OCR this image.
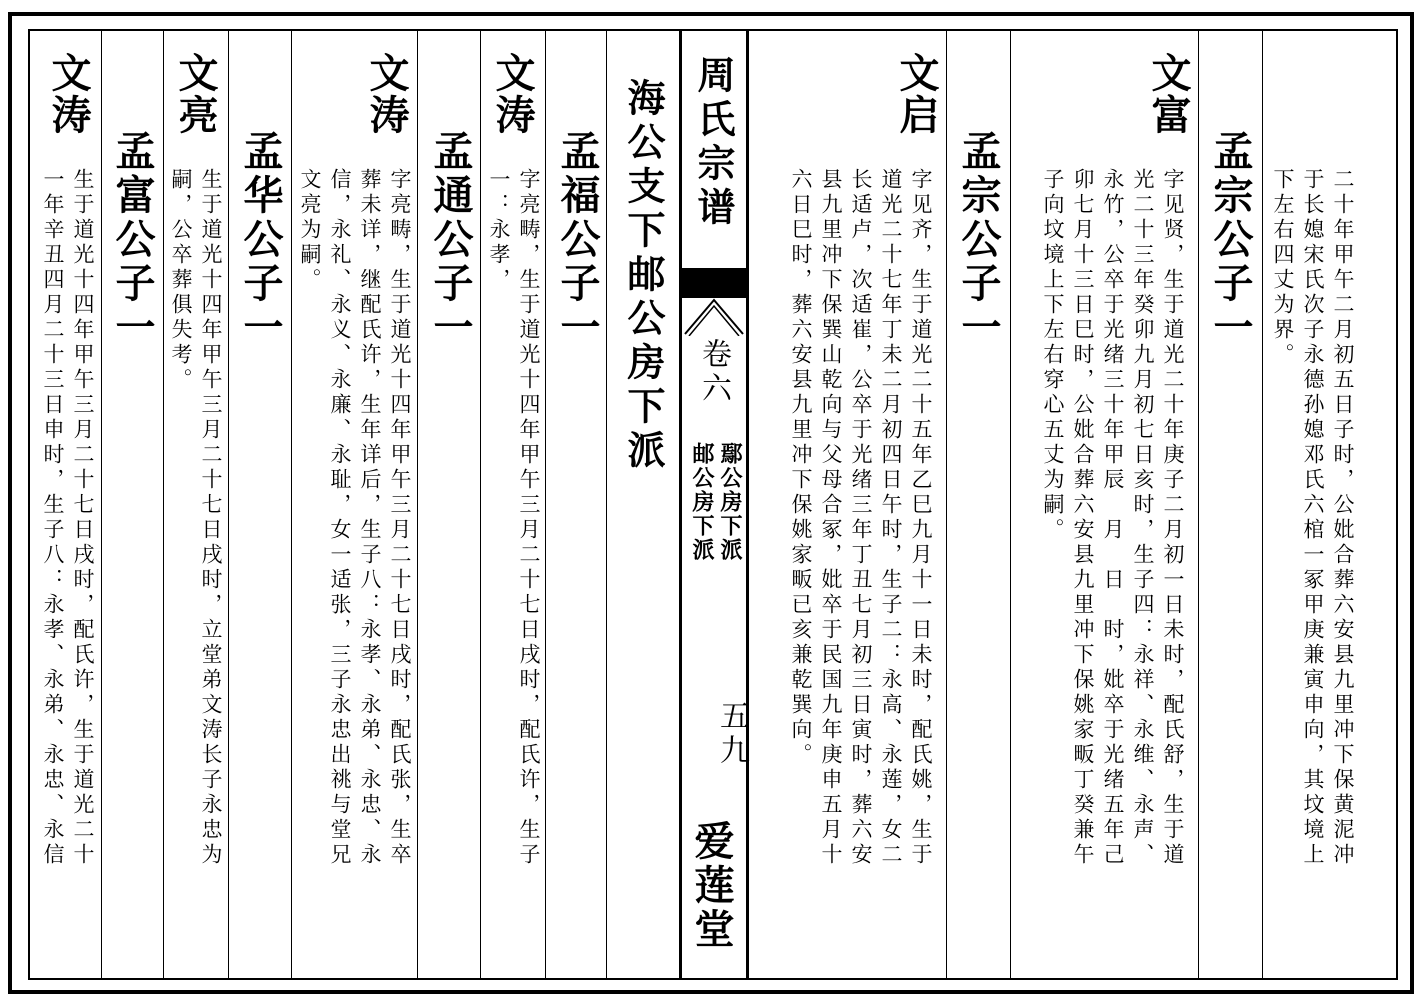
周氏宗谱
卷六
鄢公房下派
邮公房下派
五九
爱莲堂
二十年甲午二月初五日子时，公妣合葬六安县九里冲下保黄泥冲
于长媳宋氏次子永德孙媳邓氏六棺一冢甲庚兼寅申向，其坟境上
下左右四丈为界。
孟宗公子一
文富
字见贤，生于道光二十年庚子二月初一日未时，配氏舒，生于道
光二十三年癸卯九月初七日亥时，生子四：永祥、永维、永声、
永竹，公卒于光绪三十年甲辰　月　日　时，妣卒于光绪五年己
卯七月十三日巳时，公妣合葬六安县九里冲下保姚家畈丁癸兼午
子向坟境上下左右穿心五丈为嗣。
孟宗公子一
文启
字见齐，生于道光二十五年乙巳九月十一日未时，配氏姚，生于
道光二十七年丁未二月初四日午时，生子二：永高、永莲，女二
长适卢，次适崔，公卒于光绪三年丁丑七月初三日寅时，葬六安
县九里冲下保巽山乾向与父母合冢，妣卒于民国九年庚申五月十
六日巳时，葬六安县九里冲下保姚家畈已亥兼乾巽向。
海公支下邮公房下派
孟福公子一
文涛
字亮畴，生于道光十四年甲午三月二十七日戌时，配氏许，生子
一：永孝，
孟通公子一
文涛
字亮畴，生于道光十四年甲午三月二十七日戌时，配氏张，生卒
葬未详，继配氏许，生年详后，生子八：永孝、永弟、永忠、永
信，永礼、永义、永廉、永耻，女一适张，三子永忠出祧与堂兄
文亮为嗣。
孟华公子一
文亮
生于道光十四年甲午三月二十七日戌时，立堂弟文涛长子永忠为
嗣，公卒葬俱失考。
孟富公子一
文涛
生于道光十四年甲午三月二十七日戌时，配氏许，生于道光二十
一年辛丑四月二十三日申时，生子八：永孝、永弟、永忠、永信
